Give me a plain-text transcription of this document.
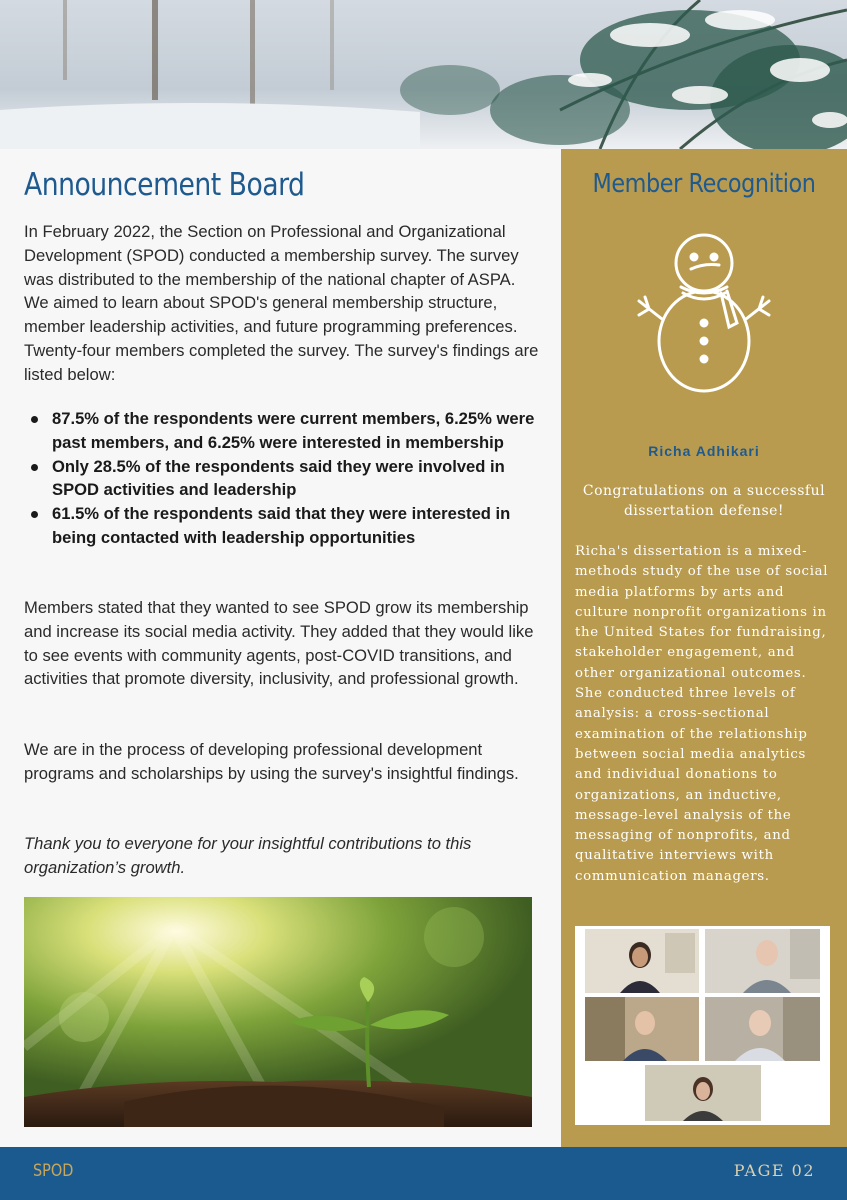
Announcement Board

In February 2022, the Section on Professional and Organizational Development (SPOD) conducted a membership survey. The survey was distributed to the membership of the national chapter of ASPA. We aimed to learn about SPOD's general membership structure, member leadership activities, and future programming preferences. Twenty-four members completed the survey. The survey's findings are listed below:

87.5% of the respondents were current members, 6.25% were past members, and 6.25% were interested in membership
Only 28.5% of the respondents said they were involved in SPOD activities and leadership
61.5% of the respondents said that they were interested in being contacted with leadership opportunities

Members stated that they wanted to see SPOD grow its membership and increase its social media activity. They added that they would like to see events with community agents, post-COVID transitions, and activities that promote diversity, inclusivity, and professional growth.

We are in the process of developing professional development programs and scholarships by using the survey's insightful findings.

Thank you to everyone for your insightful contributions to this organization’s growth.

Member Recognition
Richa Adhikari
Congratulations on a successful dissertation defense!
Richa's dissertation is a mixed-methods study of the use of social media platforms by arts and culture nonprofit organizations in the United States for fundraising, stakeholder engagement, and other organizational outcomes. She conducted three levels of analysis: a cross-sectional examination of the relationship between social media analytics and individual donations to organizations, an inductive, message-level analysis of the messaging of nonprofits, and qualitative interviews with communication managers.
SPOD	PAGE 02
